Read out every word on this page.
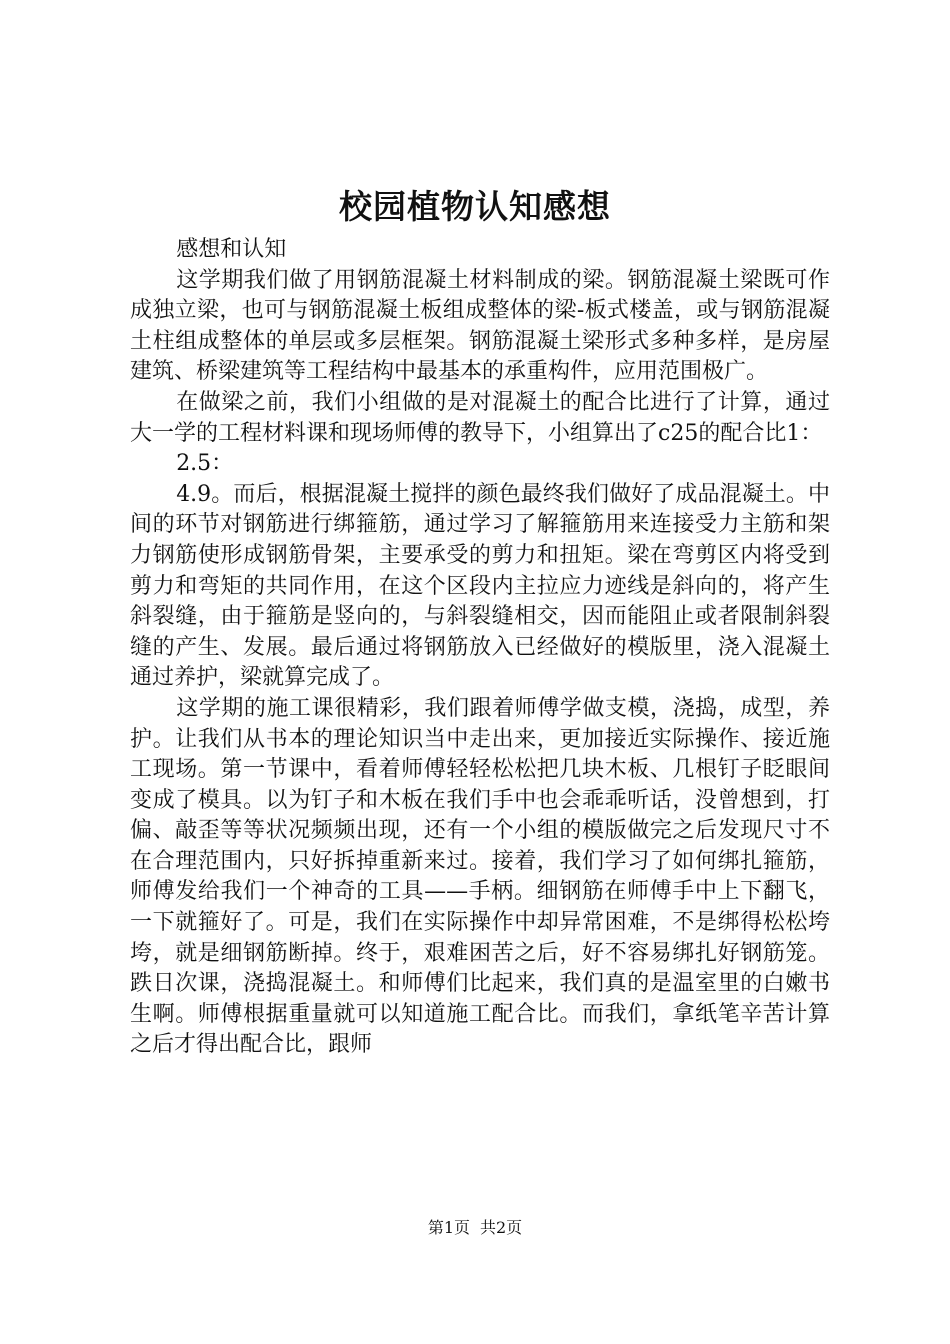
校园植物认知感想

感想和认知

这学期我们做了用钢筋混凝土材料制成的梁。钢筋混凝土梁既可作成独立梁，也可与钢筋混凝土板组成整体的梁-板式楼盖，或与钢筋混凝土柱组成整体的单层或多层框架。钢筋混凝土梁形式多种多样，是房屋建筑、桥梁建筑等工程结构中最基本的承重构件，应用范围极广。

在做梁之前，我们小组做的是对混凝土的配合比进行了计算，通过大一学的工程材料课和现场师傅的教导下，小组算出了c25的配合比1：

2.5：

4.9。而后，根据混凝土搅拌的颜色最终我们做好了成品混凝土。中间的环节对钢筋进行绑箍筋，通过学习了解箍筋用来连接受力主筋和架力钢筋使形成钢筋骨架，主要承受的剪力和扭矩。梁在弯剪区内将受到剪力和弯矩的共同作用，在这个区段内主拉应力迹线是斜向的，将产生斜裂缝，由于箍筋是竖向的，与斜裂缝相交，因而能阻止或者限制斜裂缝的产生、发展。最后通过将钢筋放入已经做好的模版里，浇入混凝土通过养护，梁就算完成了。

这学期的施工课很精彩，我们跟着师傅学做支模，浇捣，成型，养护。让我们从书本的理论知识当中走出来，更加接近实际操作、接近施工现场。第一节课中，看着师傅轻轻松松把几块木板、几根钉子眨眼间变成了模具。以为钉子和木板在我们手中也会乖乖听话，没曾想到，打偏、敲歪等等状况频频出现，还有一个小组的模版做完之后发现尺寸不在合理范围内，只好拆掉重新来过。接着，我们学习了如何绑扎箍筋，师傅发给我们一个神奇的工具——手柄。细钢筋在师傅手中上下翻飞，一下就箍好了。可是，我们在实际操作中却异常困难，不是绑得松松垮垮，就是细钢筋断掉。终于，艰难困苦之后，好不容易绑扎好钢筋笼。跌日次课，浇捣混凝土。和师傅们比起来，我们真的是温室里的白嫩书生啊。师傅根据重量就可以知道施工配合比。而我们，拿纸笔辛苦计算之后才得出配合比，跟师

第1页 共2页
